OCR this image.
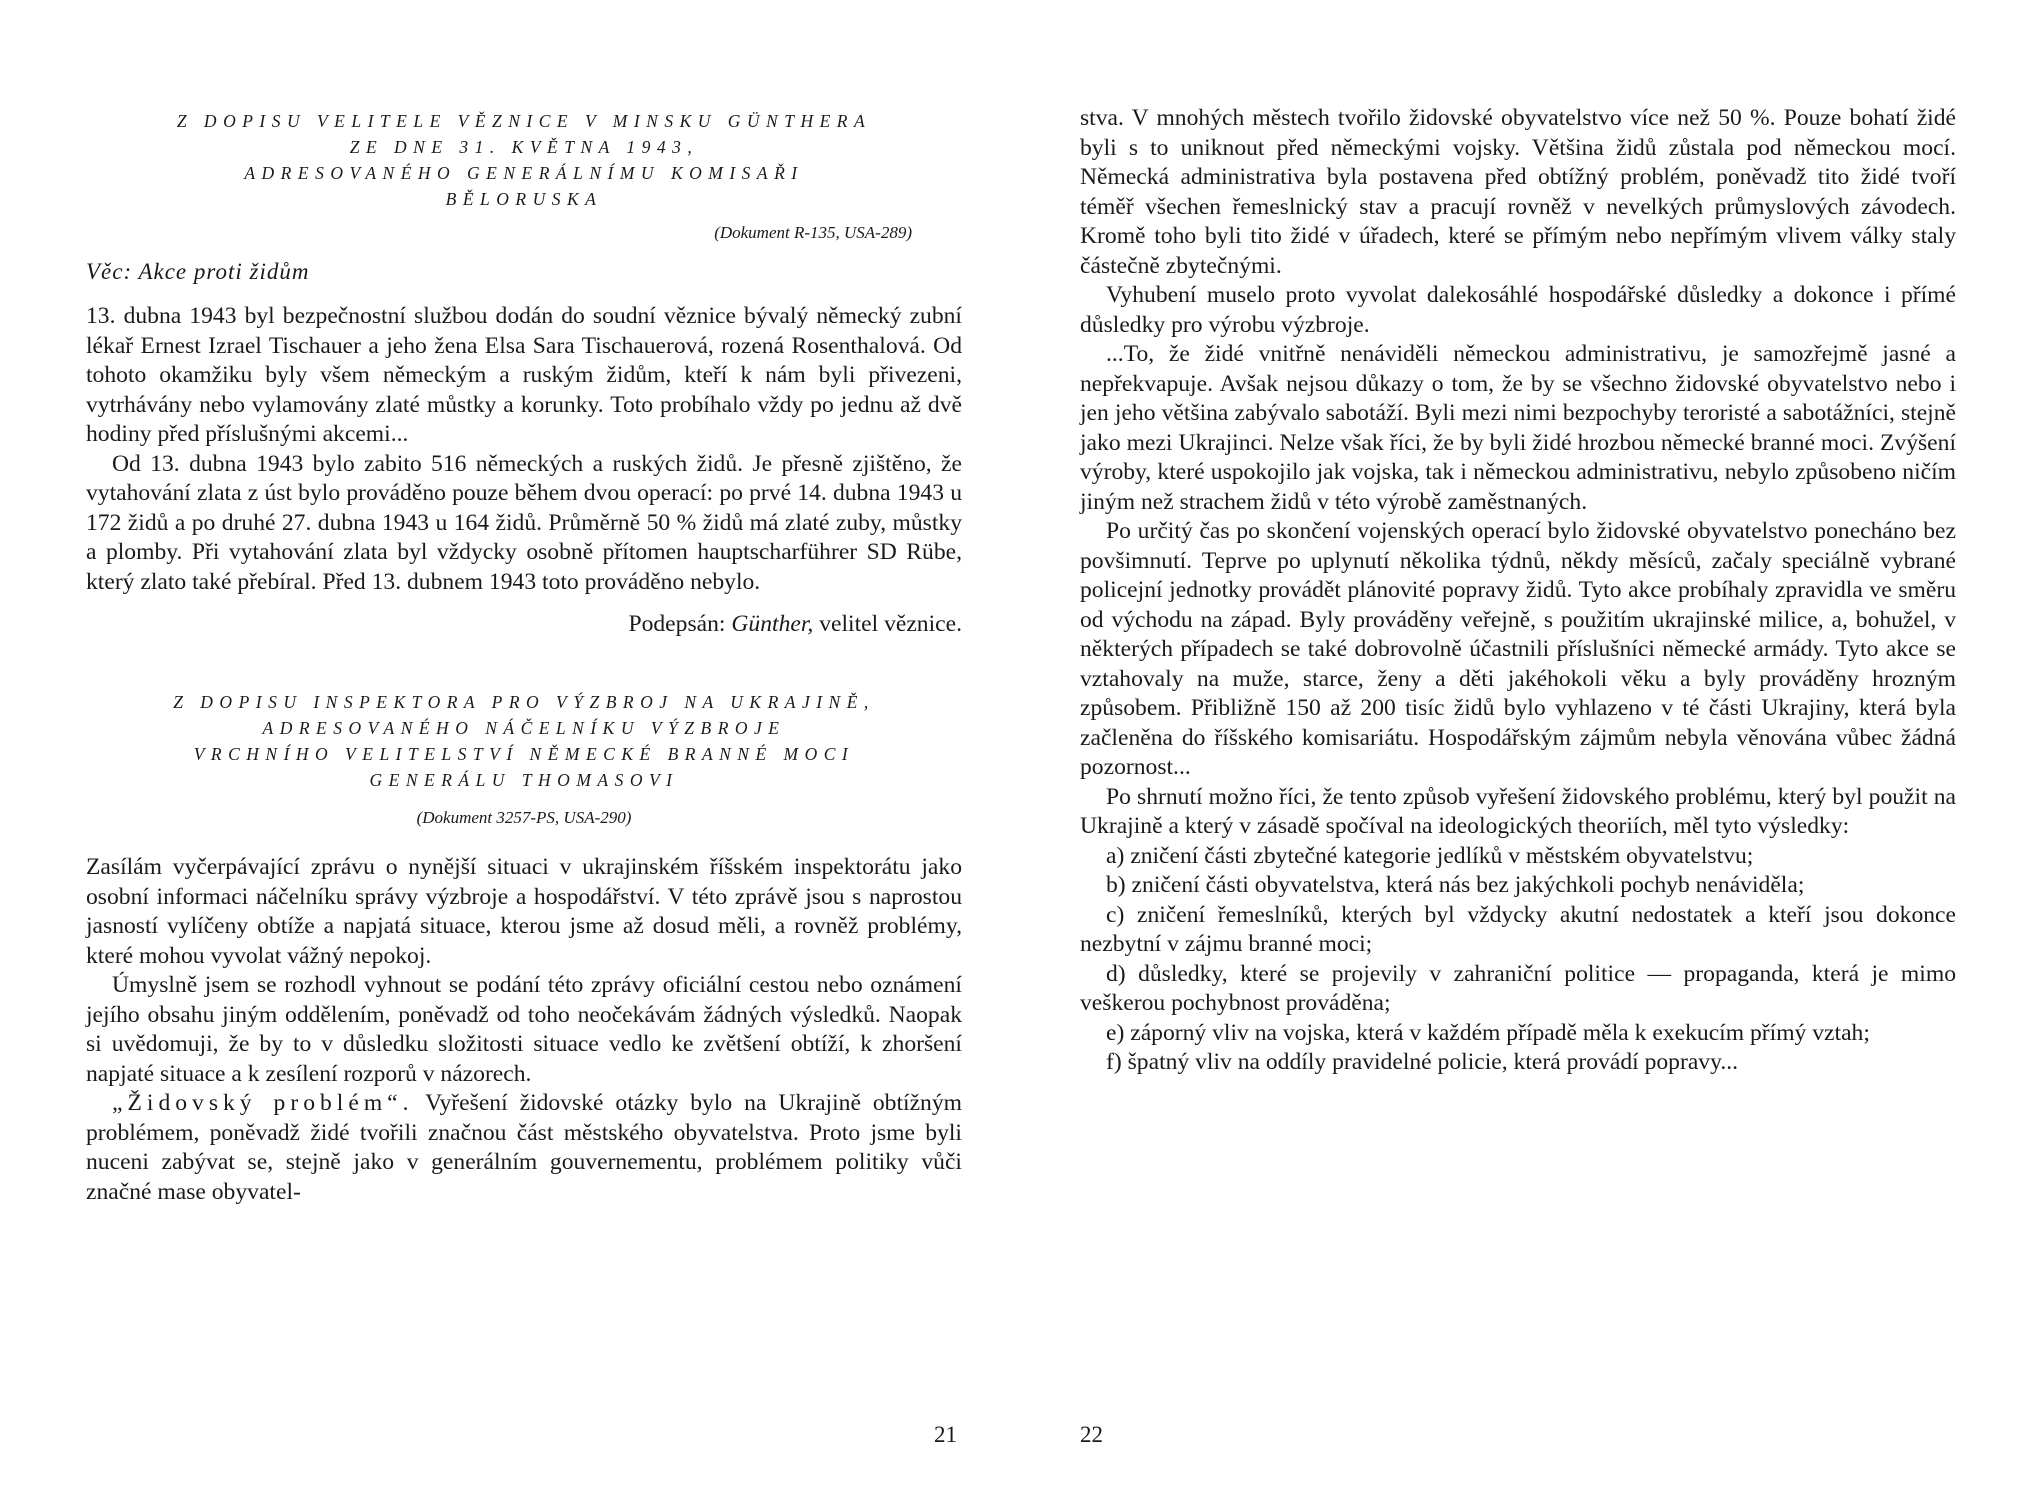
Z DOPISU VELITELE VĚZNICE V MINSKU GÜNTHERA

ZE DNE 31. KVĚTNA 1943,

ADRESOVANÉHO GENERÁLNÍMU KOMISAŘI

BĚLORUSKA

(Dokument R-135, USA-289)

Věc: Akce proti židům

13. dubna 1943 byl bezpečnostní službou dodán do soudní věznice bývalý německý zubní lékař Ernest Izrael Tischauer a jeho žena Elsa Sara Tischauerová, rozená Rosenthalová. Od tohoto okamžiku byly všem německým a ruským židům, kteří k nám byli přivezeni, vytrhávány nebo vylamovány zlaté můstky a korunky. Toto probíhalo vždy po jednu až dvě hodiny před příslušnými akcemi...

Od 13. dubna 1943 bylo zabito 516 německých a ruských židů. Je přesně zjištěno, že vytahování zlata z úst bylo prováděno pouze během dvou operací: po prvé 14. dubna 1943 u 172 židů a po druhé 27. dubna 1943 u 164 židů. Průměrně 50 % židů má zlaté zuby, můstky a plomby. Při vytahování zlata byl vždycky osobně přítomen hauptscharführer SD Rübe, který zlato také přebíral. Před 13. dubnem 1943 toto prováděno nebylo.

Podepsán: Günther, velitel věznice.

Z DOPISU INSPEKTORA PRO VÝZBROJ NA UKRAJINĚ,

ADRESOVANÉHO NÁČELNÍKU VÝZBROJE

VRCHNÍHO VELITELSTVÍ NĚMECKÉ BRANNÉ MOCI

GENERÁLU THOMASOVI

(Dokument 3257-PS, USA-290)

Zasílám vyčerpávající zprávu o nynější situaci v ukrajinském říšském inspektorátu jako osobní informaci náčelníku správy výzbroje a hospodářství. V této zprávě jsou s naprostou jasností vylíčeny obtíže a napjatá situace, kterou jsme až dosud měli, a rovněž problémy, které mohou vyvolat vážný nepokoj.

Úmyslně jsem se rozhodl vyhnout se podání této zprávy oficiální cestou nebo oznámení jejího obsahu jiným oddělením, poněvadž od toho neočekávám žádných výsledků. Naopak si uvědomuji, že by to v důsledku složitosti situace vedlo ke zvětšení obtíží, k zhoršení napjaté situace a k zesílení rozporů v názorech.

„Židovský problém“. Vyřešení židovské otázky bylo na Ukrajině obtížným problémem, poněvadž židé tvořili značnou část městského obyvatelstva. Proto jsme byli nuceni zabývat se, stejně jako v generálním gouvernementu, problémem politiky vůči značné mase obyvatel-

21

stva. V mnohých městech tvořilo židovské obyvatelstvo více než 50 %. Pouze bohatí židé byli s to uniknout před německými vojsky. Většina židů zůstala pod německou mocí. Německá administrativa byla postavena před obtížný problém, poněvadž tito židé tvoří téměř všechen řemeslnický stav a pracují rovněž v nevelkých průmyslových závodech. Kromě toho byli tito židé v úřadech, které se přímým nebo nepřímým vlivem války staly částečně zbytečnými.

Vyhubení muselo proto vyvolat dalekosáhlé hospodářské důsledky a dokonce i přímé důsledky pro výrobu výzbroje.

...To, že židé vnitřně nenáviděli německou administrativu, je samozřejmě jasné a nepřekvapuje. Avšak nejsou důkazy o tom, že by se všechno židovské obyvatelstvo nebo i jen jeho většina zabývalo sabotáží. Byli mezi nimi bezpochyby teroristé a sabotážníci, stejně jako mezi Ukrajinci. Nelze však říci, že by byli židé hrozbou německé branné moci. Zvýšení výroby, které uspokojilo jak vojska, tak i německou administrativu, nebylo způsobeno ničím jiným než strachem židů v této výrobě zaměstnaných.

Po určitý čas po skončení vojenských operací bylo židovské obyvatelstvo ponecháno bez povšimnutí. Teprve po uplynutí několika týdnů, někdy měsíců, začaly speciálně vybrané policejní jednotky provádět plánovité popravy židů. Tyto akce probíhaly zpravidla ve směru od východu na západ. Byly prováděny veřejně, s použitím ukrajinské milice, a, bohužel, v některých případech se také dobrovolně účastnili příslušníci německé armády. Tyto akce se vztahovaly na muže, starce, ženy a děti jakéhokoli věku a byly prováděny hrozným způsobem. Přibližně 150 až 200 tisíc židů bylo vyhlazeno v té části Ukrajiny, která byla začleněna do říšského komisariátu. Hospodářským zájmům nebyla věnována vůbec žádná pozornost...

Po shrnutí možno říci, že tento způsob vyřešení židovského problému, který byl použit na Ukrajině a který v zásadě spočíval na ideologických theoriích, měl tyto výsledky:

a) zničení části zbytečné kategorie jedlíků v městském obyvatelstvu;

b) zničení části obyvatelstva, která nás bez jakýchkoli pochyb nenáviděla;

c) zničení řemeslníků, kterých byl vždycky akutní nedostatek a kteří jsou dokonce nezbytní v zájmu branné moci;

d) důsledky, které se projevily v zahraniční politice — propaganda, která je mimo veškerou pochybnost prováděna;

e) záporný vliv na vojska, která v každém případě měla k exekucím přímý vztah;

f) špatný vliv na oddíly pravidelné policie, která provádí popravy...

22
